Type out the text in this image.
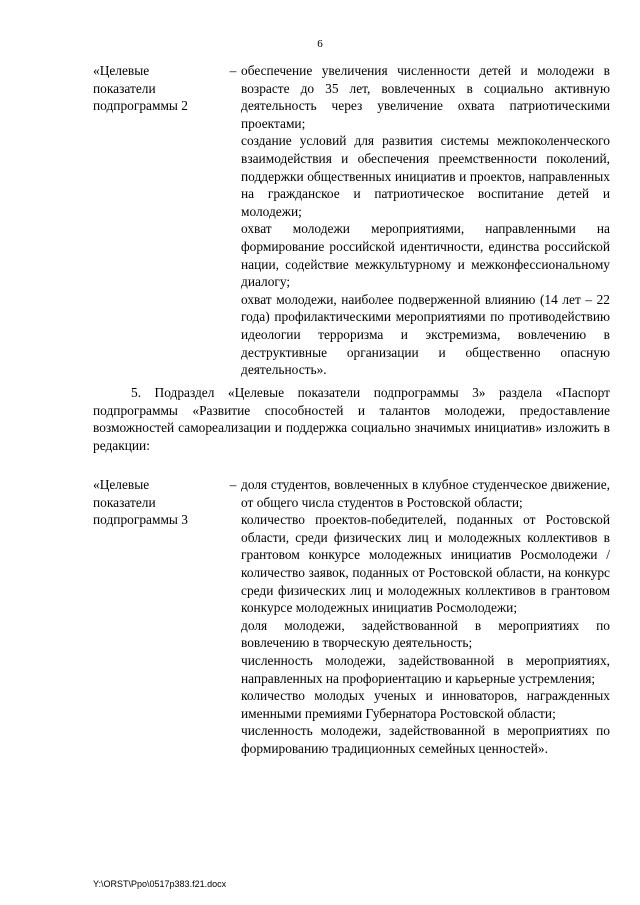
6
«Целевые
показатели
подпрограммы 2
– обеспечение увеличения численности детей и молодежи в возрасте до 35 лет, вовлеченных в социально активную деятельность через увеличение охвата патриотическими проектами;

создание условий для развития системы межпоколенческого взаимодействия и обеспечения преемственности поколений, поддержки общественных инициатив и проектов, направленных на гражданское и патриотическое воспитание детей и молодежи;

охват молодежи мероприятиями, направленными на формирование российской идентичности, единства российской нации, содействие межкультурному и межконфессиональному диалогу;

охват молодежи, наиболее подверженной влиянию (14 лет – 22 года) профилактическими мероприятиями по противодействию идеологии терроризма и экстремизма, вовлечению в деструктивные организации и общественно опасную деятельность».

5. Подраздел «Целевые показатели подпрограммы 3» раздела «Паспорт подпрограммы «Развитие способностей и талантов молодежи, предоставление возможностей самореализации и поддержка социально значимых инициатив» изложить в редакции:
«Целевые
показатели
подпрограммы 3
– доля студентов, вовлеченных в клубное студенческое движение, от общего числа студентов в Ростовской области;

количество проектов-победителей, поданных от Ростовской области, среди физических лиц и молодежных коллективов в грантовом конкурсе молодежных инициатив Росмолодежи / количество заявок, поданных от Ростовской области, на конкурс среди физических лиц и молодежных коллективов в грантовом конкурсе молодежных инициатив Росмолодежи;

доля молодежи, задействованной в мероприятиях по вовлечению в творческую деятельность;

численность молодежи, задействованной в мероприятиях, направленных на профориентацию и карьерные устремления;

количество молодых ученых и инноваторов, награжденных именными премиями Губернатора Ростовской области;

численность молодежи, задействованной в мероприятиях по формированию традиционных семейных ценностей».

Y:\ORST\Ppo\0517p383.f21.docx
